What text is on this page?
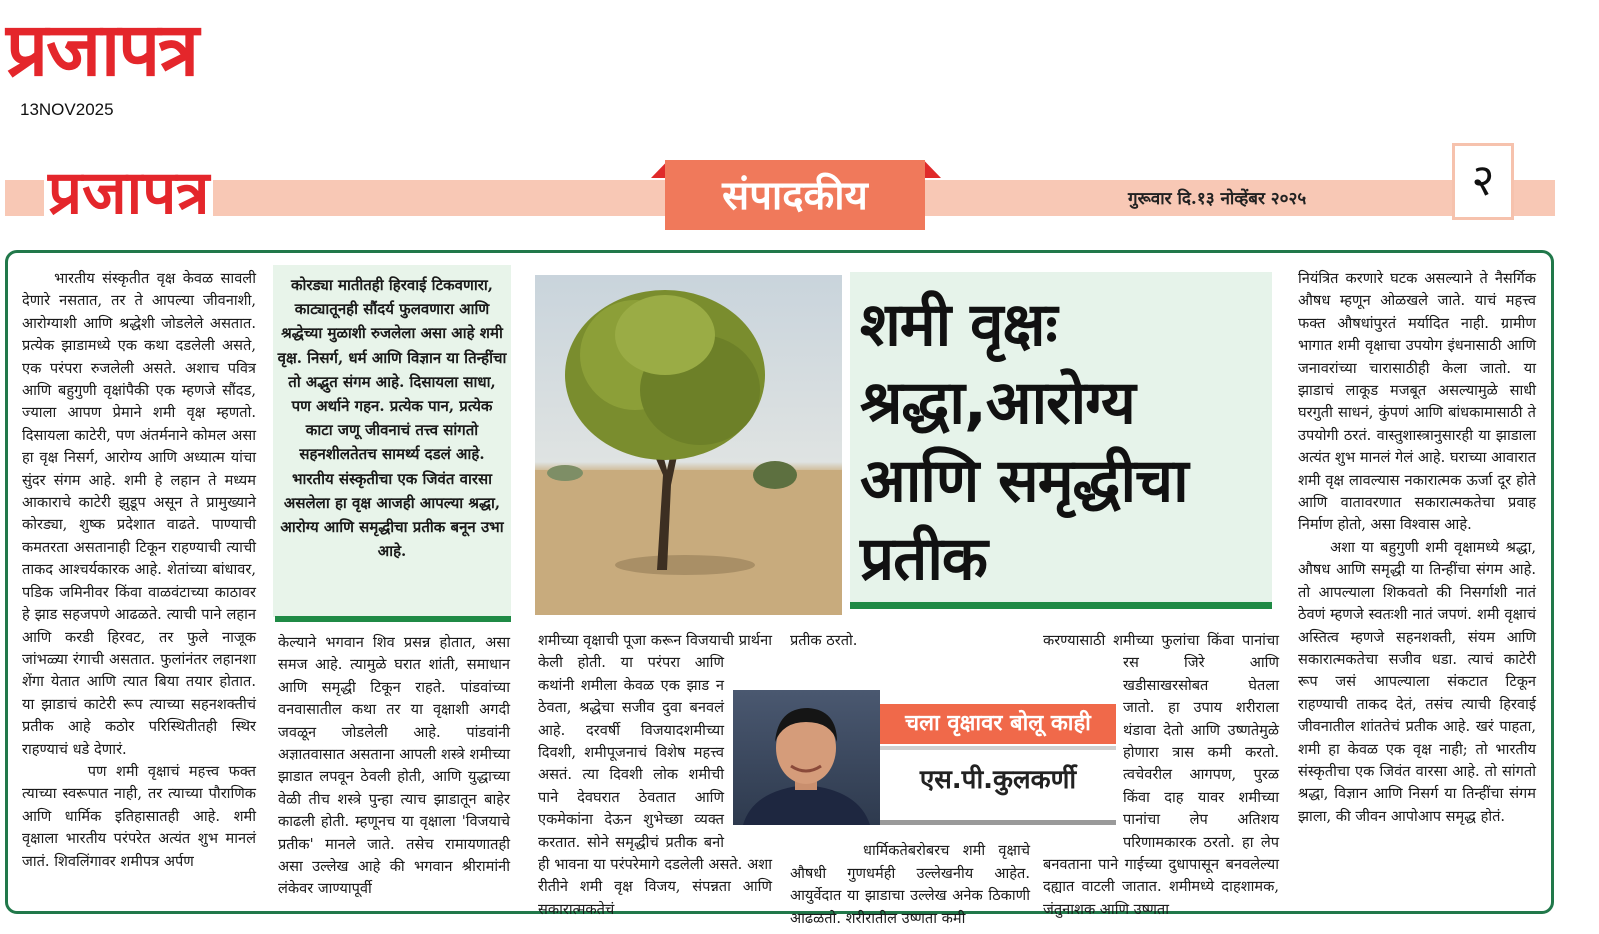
प्रजापत्र
13NOV2025
प्रजापत्र	संपादकीय	गुरूवार दि.१३ नोव्हेंबर २०२५	२

भारतीय संस्कृतीत वृक्ष केवळ सावली देणारे नसतात, तर ते आपल्या जीवनाशी, आरोग्याशी आणि श्रद्धेशी जोडलेले असतात. प्रत्येक झाडामध्ये एक कथा दडलेली असते, एक परंपरा रुजलेली असते. अशाच पवित्र आणि बहुगुणी वृक्षांपैकी एक म्हणजे सौंदड, ज्याला आपण प्रेमाने शमी वृक्ष म्हणतो. दिसायला काटेरी, पण अंतर्मनाने कोमल असा हा वृक्ष निसर्ग, आरोग्य आणि अध्यात्म यांचा सुंदर संगम आहे. शमी हे लहान ते मध्यम आकाराचे काटेरी झुडूप असून ते प्रामुख्याने कोरड्या, शुष्क प्रदेशात वाढते. पाण्याची कमतरता असतानाही टिकून राहण्याची त्याची ताकद आश्चर्यकारक आहे. शेतांच्या बांधावर, पडिक जमिनीवर किंवा वाळवंटाच्या काठावर हे झाड सहजपणे आढळते. त्याची पाने लहान आणि करडी हिरवट, तर फुले नाजूक जांभळ्या रंगाची असतात. फुलांनंतर लहानशा शेंगा येतात आणि त्यात बिया तयार होतात. या झाडाचं काटेरी रूप त्याच्या सहनशक्तीचं प्रतीक आहे कठोर परिस्थितीतही स्थिर राहण्याचं धडे देणारं.

पण शमी वृक्षाचं महत्त्व फक्त त्याच्या स्वरूपात नाही, तर त्याच्या पौराणिक आणि धार्मिक इतिहासातही आहे. शमी वृक्षाला भारतीय परंपरेत अत्यंत शुभ मानलं जातं. शिवलिंगावर शमीपत्र अर्पण

कोरड्या मातीतही हिरवाई टिकवणारा, काट्यातूनही सौंदर्य फुलवणारा आणि श्रद्धेच्या मुळाशी रुजलेला असा आहे शमी वृक्ष. निसर्ग, धर्म आणि विज्ञान या तिन्हींचा तो अद्भुत संगम आहे. दिसायला साधा, पण अर्थाने गहन. प्रत्येक पान, प्रत्येक काटा जणू जीवनाचं तत्त्व सांगतो सहनशीलतेतच सामर्थ्य दडलं आहे. भारतीय संस्कृतीचा एक जिवंत वारसा असलेला हा वृक्ष आजही आपल्या श्रद्धा, आरोग्य आणि समृद्धीचा प्रतीक बनून उभा आहे.

केल्याने भगवान शिव प्रसन्न होतात, असा समज आहे. त्यामुळे घरात शांती, समाधान आणि समृद्धी टिकून राहते. पांडवांच्या वनवासातील कथा तर या वृक्षाशी अगदी जवळून जोडलेली आहे. पांडवांनी अज्ञातवासात असताना आपली शस्त्रे शमीच्या झाडात लपवून ठेवली होती, आणि युद्धाच्या वेळी तीच शस्त्रे पुन्हा त्याच झाडातून बाहेर काढली होती. म्हणूनच या वृक्षाला 'विजयाचे प्रतीक' मानले जाते. तसेच रामायणातही असा उल्लेख आहे की भगवान श्रीरामांनी लंकेवर जाण्यापूर्वी

शमीच्या वृक्षाची पूजा करून विजयाची प्रार्थना केली होती. या परंपरा आणि कथांनी शमीला केवळ एक झाड न ठेवता, श्रद्धेचा सजीव दुवा बनवलं आहे. दरवर्षी विजयादशमीच्या दिवशी, शमीपूजनाचं विशेष महत्त्व असतं. त्या दिवशी लोक शमीची पाने देवघरात ठेवतात आणि एकमेकांना देऊन शुभेच्छा व्यक्त करतात. सोने समृद्धीचं प्रतीक बनो ही भावना या परंपरेमागे दडलेली असते. अशा रीतीने शमी वृक्ष विजय, संपन्नता आणि सकारात्मकतेचं

शमी वृक्षः
श्रद्धा,आरोग्य
आणि समृद्धीचा
प्रतीक

प्रतीक ठरतो.

धार्मिकतेबरोबरच शमी वृक्षाचे औषधी गुणधर्मही उल्लेखनीय आहेत. आयुर्वेदात या झाडाचा उल्लेख अनेक ठिकाणी आढळतो. शरीरातील उष्णता कमी

करण्यासाठी शमीच्या फुलांचा किंवा पानांचा रस जिरे आणि खडीसाखरसोबत घेतला जातो. हा उपाय शरीराला थंडावा देतो आणि उष्णतेमुळे होणारा त्रास कमी करतो. त्वचेवरील आगपण, पुरळ किंवा दाह यावर शमीच्या पानांचा लेप अतिशय परिणामकारक ठरतो. हा लेप बनवताना पाने गाईच्या दुधापासून बनवलेल्या दह्यात वाटली जातात. शमीमध्ये दाहशामक, जंतुनाशक आणि उष्णता

चला वृक्षावर बोलू काही
एस.पी.कुलकर्णी

नियंत्रित करणारे घटक असल्याने ते नैसर्गिक औषध म्हणून ओळखले जाते. याचं महत्त्व फक्त औषधांपुरतं मर्यादित नाही. ग्रामीण भागात शमी वृक्षाचा उपयोग इंधनासाठी आणि जनावरांच्या चारासाठीही केला जातो. या झाडाचं लाकूड मजबूत असल्यामुळे साधी घरगुती साधनं, कुंपणं आणि बांधकामासाठी ते उपयोगी ठरतं. वास्तुशास्त्रानुसारही या झाडाला अत्यंत शुभ मानलं गेलं आहे. घराच्या आवारात शमी वृक्ष लावल्यास नकारात्मक ऊर्जा दूर होते आणि वातावरणात सकारात्मकतेचा प्रवाह निर्माण होतो, असा विश्वास आहे.

अशा या बहुगुणी शमी वृक्षामध्ये श्रद्धा, औषध आणि समृद्धी या तिन्हींचा संगम आहे. तो आपल्याला शिकवतो की निसर्गाशी नातं ठेवणं म्हणजे स्वतःशी नातं जपणं. शमी वृक्षाचं अस्तित्व म्हणजे सहनशक्ती, संयम आणि सकारात्मकतेचा सजीव धडा. त्याचं काटेरी रूप जसं आपल्याला संकटात टिकून राहण्याची ताकद देतं, तसंच त्याची हिरवाई जीवनातील शांततेचं प्रतीक आहे. खरं पाहता, शमी हा केवळ एक वृक्ष नाही; तो भारतीय संस्कृतीचा एक जिवंत वारसा आहे. तो सांगतो श्रद्धा, विज्ञान आणि निसर्ग या तिन्हींचा संगम झाला, की जीवन आपोआप समृद्ध होतं.
